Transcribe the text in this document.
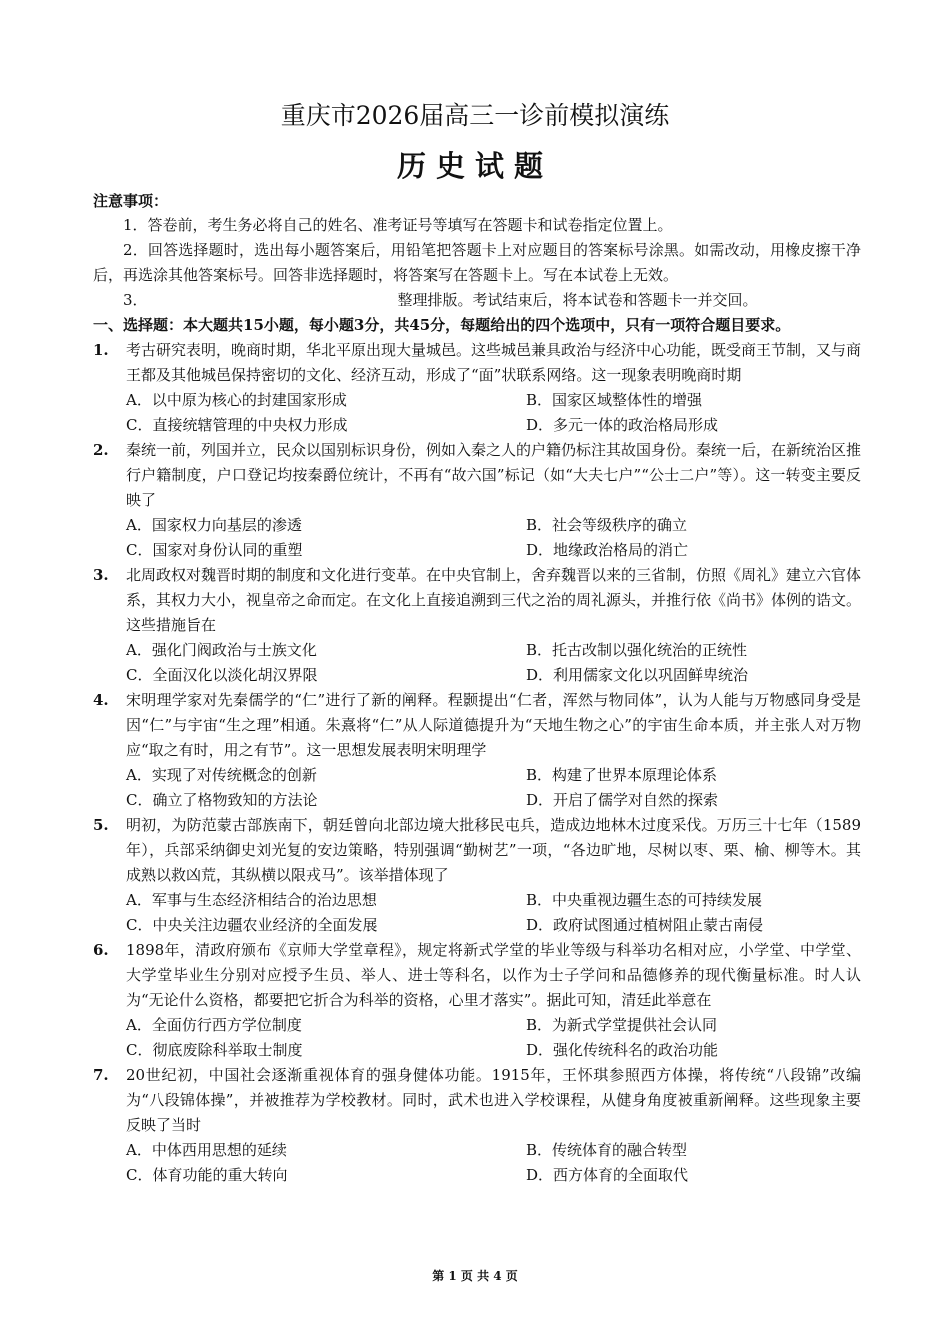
重庆市2026届高三一诊前模拟演练
历史试题
注意事项：
1．答卷前，考生务必将自己的姓名、准考证号等填写在答题卡和试卷指定位置上。
2．回答选择题时，选出每小题答案后，用铅笔把答题卡上对应题目的答案标号涂黑。如需改动，用橡皮擦干净后，再选涂其他答案标号。回答非选择题时，将答案写在答题卡上。写在本试卷上无效。
3．	整理排版。考试结束后，将本试卷和答题卡一并交回。
一、选择题：本大题共15小题，每小题3分，共45分，每题给出的四个选项中，只有一项符合题目要求。
1.	考古研究表明，晚商时期，华北平原出现大量城邑。这些城邑兼具政治与经济中心功能，既受商王节制，又与商王都及其他城邑保持密切的文化、经济互动，形成了“面”状联系网络。这一现象表明晚商时期
A．以中原为核心的封建国家形成	B．国家区域整体性的增强
C．直接统辖管理的中央权力形成	D．多元一体的政治格局形成
2.	秦统一前，列国并立，民众以国别标识身份，例如入秦之人的户籍仍标注其故国身份。秦统一后，在新统治区推行户籍制度，户口登记均按秦爵位统计，不再有“故六国”标记（如“大夫七户”“公士二户”等）。这一转变主要反映了
A．国家权力向基层的渗透	B．社会等级秩序的确立
C．国家对身份认同的重塑	D．地缘政治格局的消亡
3.	北周政权对魏晋时期的制度和文化进行变革。在中央官制上，舍弃魏晋以来的三省制，仿照《周礼》建立六官体系，其权力大小，视皇帝之命而定。在文化上直接追溯到三代之治的周礼源头，并推行依《尚书》体例的诰文。这些措施旨在
A．强化门阀政治与士族文化	B．托古改制以强化统治的正统性
C．全面汉化以淡化胡汉界限	D．利用儒家文化以巩固鲜卑统治
4.	宋明理学家对先秦儒学的“仁”进行了新的阐释。程颢提出“仁者，浑然与物同体”，认为人能与万物感同身受是因“仁”与宇宙“生之理”相通。朱熹将“仁”从人际道德提升为“天地生物之心”的宇宙生命本质，并主张人对万物应“取之有时，用之有节”。这一思想发展表明宋明理学
A．实现了对传统概念的创新	B．构建了世界本原理论体系
C．确立了格物致知的方法论	D．开启了儒学对自然的探索
5.	明初，为防范蒙古部族南下，朝廷曾向北部边境大批移民屯兵，造成边地林木过度采伐。万历三十七年（1589年），兵部采纳御史刘光复的安边策略，特别强调“勤树艺”一项，“各边旷地，尽树以枣、栗、榆、柳等木。其成熟以救凶荒，其纵横以限戎马”。该举措体现了
A．军事与生态经济相结合的治边思想	B．中央重视边疆生态的可持续发展
C．中央关注边疆农业经济的全面发展	D．政府试图通过植树阻止蒙古南侵
6.	1898年，清政府颁布《京师大学堂章程》，规定将新式学堂的毕业等级与科举功名相对应，小学堂、中学堂、大学堂毕业生分别对应授予生员、举人、进士等科名，以作为士子学问和品德修养的现代衡量标准。时人认为“无论什么资格，都要把它折合为科举的资格，心里才落实”。据此可知，清廷此举意在
A．全面仿行西方学位制度	B．为新式学堂提供社会认同
C．彻底废除科举取士制度	D．强化传统科名的政治功能
7.	20世纪初，中国社会逐渐重视体育的强身健体功能。1915年，王怀琪参照西方体操，将传统“八段锦”改编为“八段锦体操”，并被推荐为学校教材。同时，武术也进入学校课程，从健身角度被重新阐释。这些现象主要反映了当时
A．中体西用思想的延续	B．传统体育的融合转型
C．体育功能的重大转向	D．西方体育的全面取代
第 1 页 共 4 页
